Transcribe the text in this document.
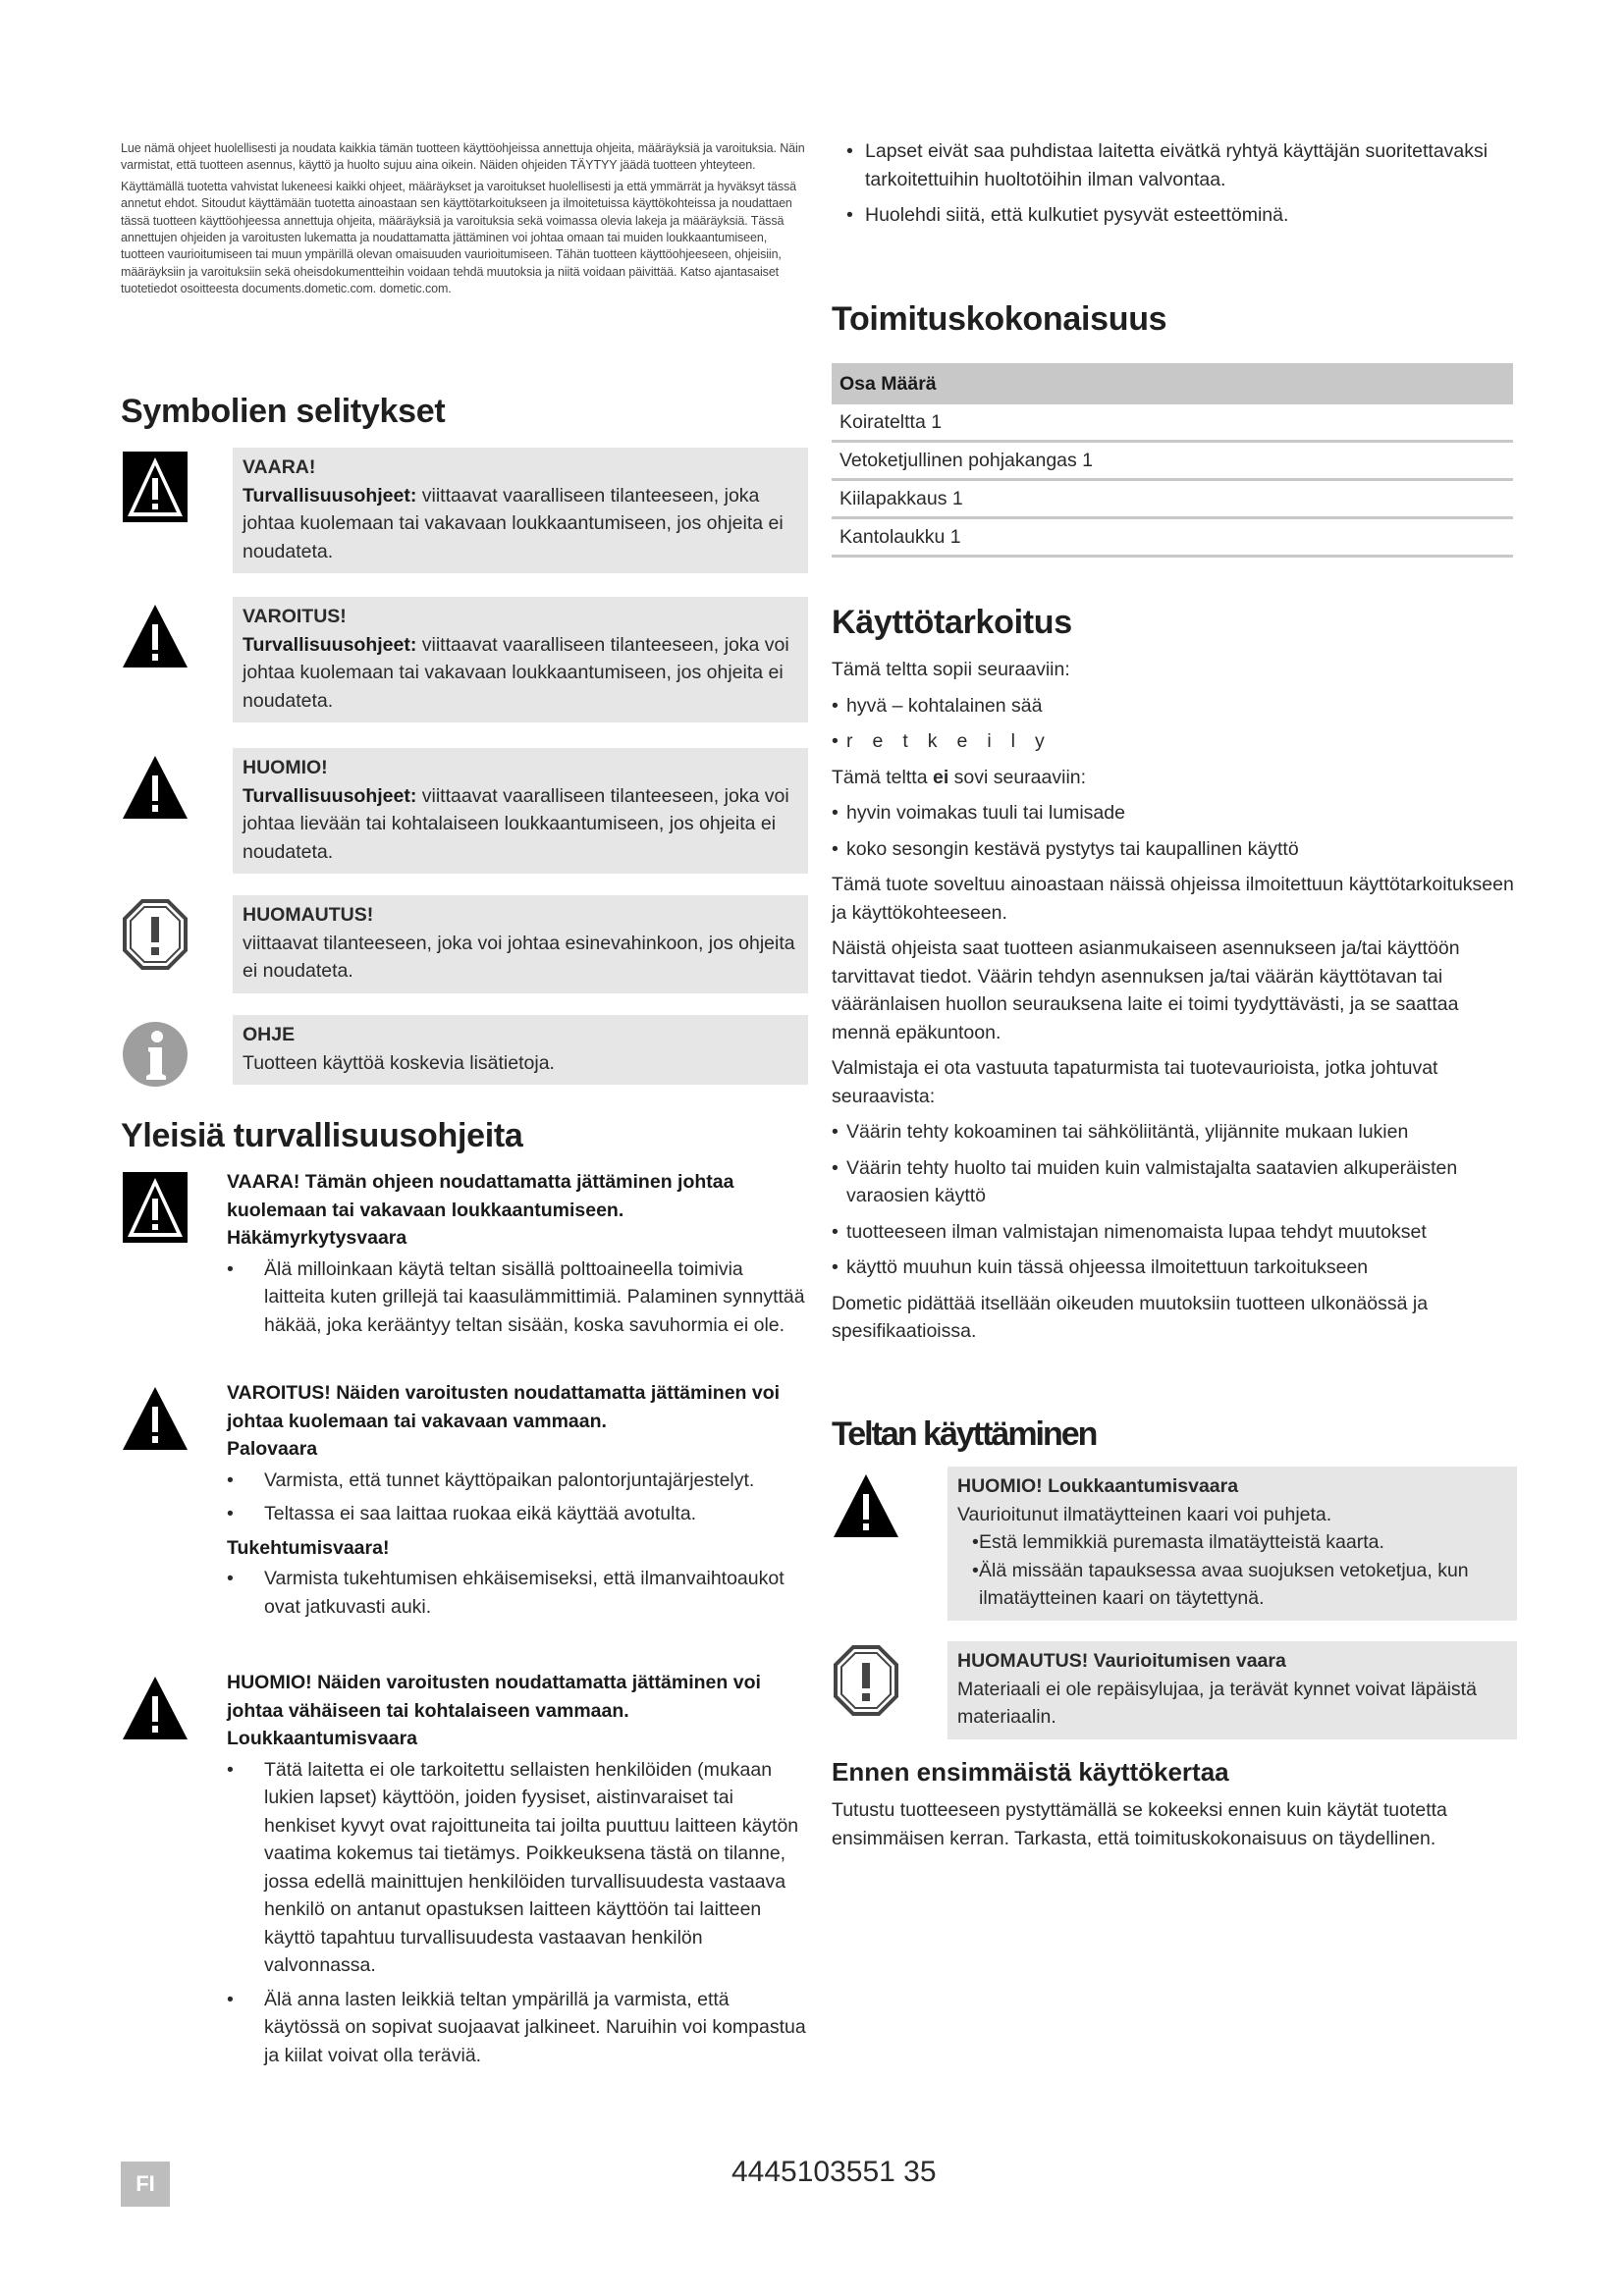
Lue nämä ohjeet huolellisesti ja noudata kaikkia tämän tuotteen käyttöohjeissa annettuja ohjeita, määräyksiä ja varoituksia. Näin varmistat, että tuotteen asennus, käyttö ja huolto sujuu aina oikein. Näiden ohjeiden TÄYTYY jäädä tuotteen yhteyteen.

Käyttämällä tuotetta vahvistat lukeneesi kaikki ohjeet, määräykset ja varoitukset huolellisesti ja että ymmärrät ja hyväksyt tässä annetut ehdot. Sitoudut käyttämään tuotetta ainoastaan sen käyttötarkoitukseen ja ilmoitetuissa käyttökohteissa ja noudattaen tässä tuotteen käyttöohjeessa annettuja ohjeita, määräyksiä ja varoituksia sekä voimassa olevia lakeja ja määräyksiä. Tässä annettujen ohjeiden ja varoitusten lukematta ja noudattamatta jättäminen voi johtaa omaan tai muiden loukkaantumiseen, tuotteen vaurioitumiseen tai muun ympärillä olevan omaisuuden vaurioitumiseen. Tähän tuotteen käyttöohjeeseen, ohjeisiin, määräyksiin ja varoituksiin sekä oheisdokumentteihin voidaan tehdä muutoksia ja niitä voidaan päivittää. Katso ajantasaiset tuotetiedot osoitteesta documents.dometic.com. dometic.com.

Symbolien selitykset
VAARA!
Turvallisuusohjeet: viittaavat vaaralliseen tilanteeseen, joka johtaa kuolemaan tai vakavaan loukkaantumiseen, jos ohjeita ei noudateta.
VAROITUS!
Turvallisuusohjeet: viittaavat vaaralliseen tilanteeseen, joka voi johtaa kuolemaan tai vakavaan loukkaantumiseen, jos ohjeita ei noudateta.
HUOMIO!
Turvallisuusohjeet: viittaavat vaaralliseen tilanteeseen, joka voi johtaa lievään tai kohtalaiseen loukkaantumiseen, jos ohjeita ei noudateta.
HUOMAUTUS!
viittaavat tilanteeseen, joka voi johtaa esinevahinkoon, jos ohjeita ei noudateta.
OHJE
Tuotteen käyttöä koskevia lisätietoja.
Yleisiä turvallisuusohjeita
VAARA! Tämän ohjeen noudattamatta jättäminen johtaa kuolemaan tai vakavaan loukkaantumiseen.
Häkämyrkytysvaara
• Älä milloinkaan käytä teltan sisällä polttoaineella toimivia laitteita kuten grillejä tai kaasulämmittimiä. Palaminen synnyttää häkää, joka kerääntyy teltan sisään, koska savuhormia ei ole.
VAROITUS! Näiden varoitusten noudattamatta jättäminen voi johtaa kuolemaan tai vakavaan vammaan.
Palovaara
• Varmista, että tunnet käyttöpaikan palontorjuntajärjestelyt.
• Teltassa ei saa laittaa ruokaa eikä käyttää avotulta.
Tukehtumisvaara!
• Varmista tukehtumisen ehkäisemiseksi, että ilmanvaihtoaukot ovat jatkuvasti auki.
HUOMIO! Näiden varoitusten noudattamatta jättäminen voi johtaa vähäiseen tai kohtalaiseen vammaan.
Loukkaantumisvaara
• Tätä laitetta ei ole tarkoitettu sellaisten henkilöiden (mukaan lukien lapset) käyttöön, joiden fyysiset, aistinvaraiset tai henkiset kyvyt ovat rajoittuneita tai joilta puuttuu laitteen käytön vaatima kokemus tai tietämys. Poikkeuksena tästä on tilanne, jossa edellä mainittujen henkilöiden turvallisuudesta vastaava henkilö on antanut opastuksen laitteen käyttöön tai laitteen käyttö tapahtuu turvallisuudesta vastaavan henkilön valvonnassa.
• Älä anna lasten leikkiä teltan ympärillä ja varmista, että käytössä on sopivat suojaavat jalkineet. Naruihin voi kompastua ja kiilat voivat olla teräviä.
• Lapset eivät saa puhdistaa laitetta eivätkä ryhtyä käyttäjän suoritettavaksi tarkoitettuihin huoltotöihin ilman valvontaa.
• Huolehdi siitä, että kulkutiet pysyvät esteettöminä.
Toimituskokonaisuus
Osa Määrä
Koirateltta 1
Vetoketjullinen pohjakangas 1
Kiilapakkaus 1
Kantolaukku 1
Käyttötarkoitus

Tämä teltta sopii seuraaviin:

• hyvä – kohtalainen sää
• retkeily

Tämä teltta ei sovi seuraaviin:

• hyvin voimakas tuuli tai lumisade
• koko sesongin kestävä pystytys tai kaupallinen käyttö

Tämä tuote soveltuu ainoastaan näissä ohjeissa ilmoitettuun käyttötarkoitukseen ja käyttökohteeseen.

Näistä ohjeista saat tuotteen asianmukaiseen asennukseen ja/tai käyttöön tarvittavat tiedot. Väärin tehdyn asennuksen ja/tai väärän käyttötavan tai vääränlaisen huollon seurauksena laite ei toimi tyydyttävästi, ja se saattaa mennä epäkuntoon.

Valmistaja ei ota vastuuta tapaturmista tai tuotevaurioista, jotka johtuvat seuraavista:

• Väärin tehty kokoaminen tai sähköliitäntä, ylijännite mukaan lukien
• Väärin tehty huolto tai muiden kuin valmistajalta saatavien alkuperäisten varaosien käyttö
• tuotteeseen ilman valmistajan nimenomaista lupaa tehdyt muutokset
• käyttö muuhun kuin tässä ohjeessa ilmoitettuun tarkoitukseen

Dometic pidättää itsellään oikeuden muutoksiin tuotteen ulkonäössä ja spesifikaatioissa.

Teltan käyttäminen
HUOMIO! Loukkaantumisvaara
Vaurioitunut ilmatäytteinen kaari voi puhjeta.
• Estä lemmikkiä puremasta ilmatäytteistä kaarta.
• Älä missään tapauksessa avaa suojuksen vetoketjua, kun ilmatäytteinen kaari on täytettynä.
HUOMAUTUS! Vaurioitumisen vaara
Materiaali ei ole repäisylujaa, ja terävät kynnet voivat läpäistä materiaalin.
Ennen ensimmäistä käyttökertaa
Tutustu tuotteeseen pystyttämällä se kokeeksi ennen kuin käytät tuotetta ensimmäisen kerran. Tarkasta, että toimituskokonaisuus on täydellinen.
FI	4445103551 35
